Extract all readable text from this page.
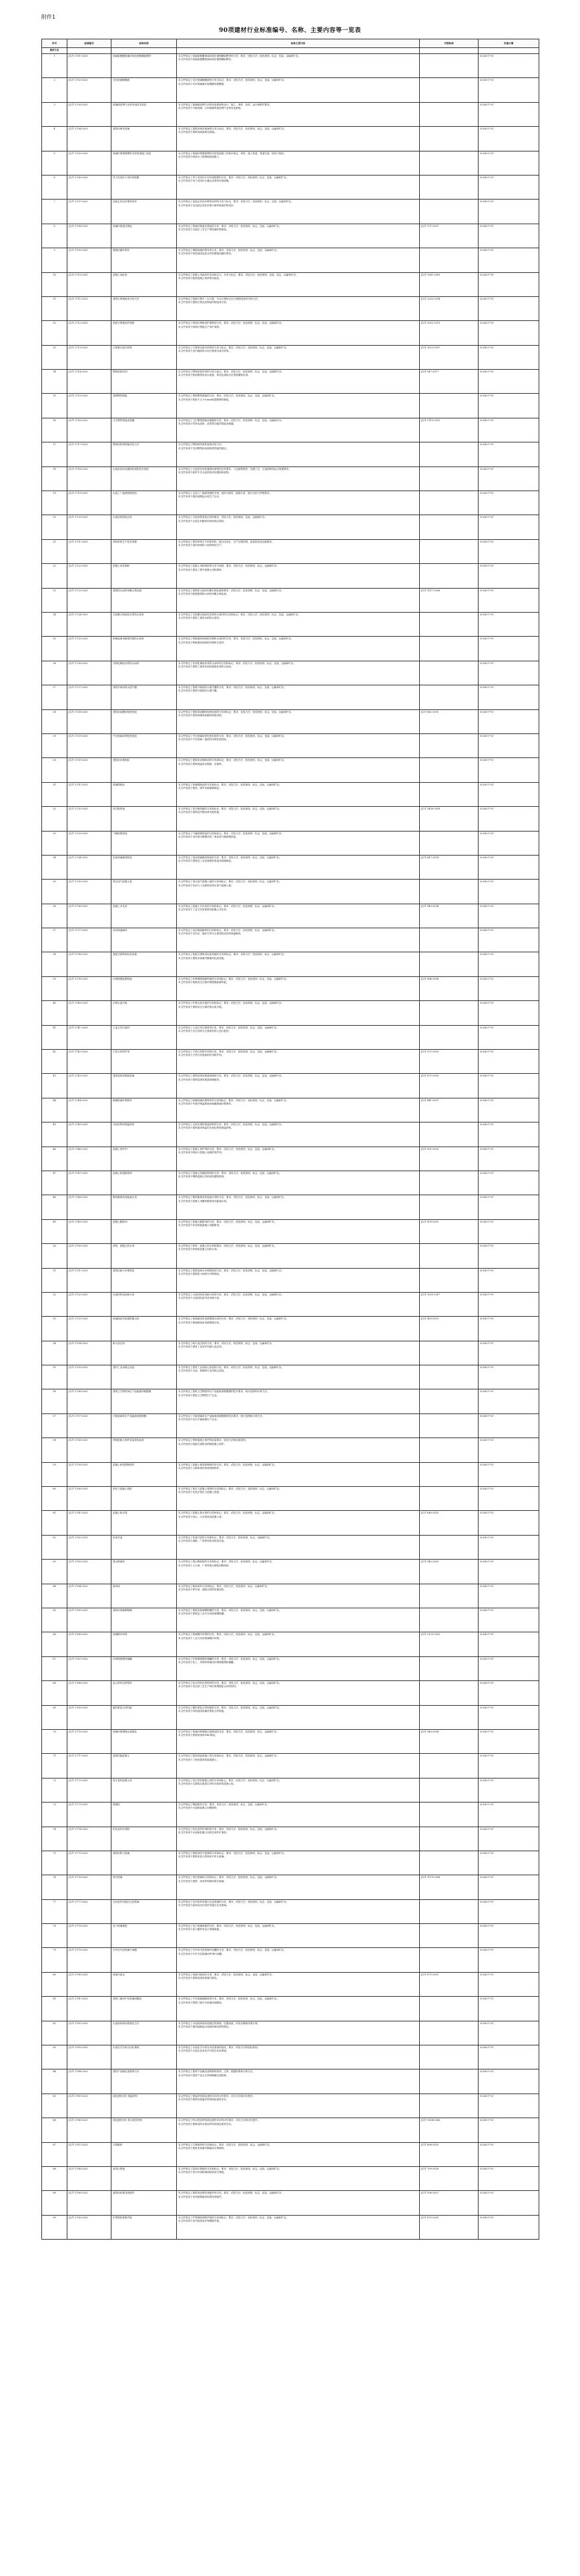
附件1
90项建材行业标准编号、名称、主要内容等一览表
序号	标准编号	标准名称	标准主要内容	代替标准	实施日期
建材行业					
1	JC/T 2701-2023	低辐射镀膜玻璃用氧化铟锡溅射靶材	本文件规定了低辐射镀膜玻璃用氧化铟锡溅射靶材的分类、要求、试验方法、检验规则、标志、包装、运输和贮存。
本文件适用于低辐射镀膜玻璃用氧化铟锡溅射靶材。		2024-07-01
2	JC/T 2702-2023	光伏玻璃镀膜液	本文件规定了光伏玻璃镀膜液的分类与标记、要求、试验方法、检验规则、标志、包装、运输和贮存。
本文件适用于光伏玻璃减反射镀膜用镀膜液。		2024-07-01
3	JC/T 2703-2023	玻璃熔窑烟气余热发电技术规范	本文件规定了玻璃熔窑烟气余热发电系统的设计、施工、调试、验收、运行和维护要求。
本文件适用于平板玻璃、日用玻璃等熔窑烟气余热发电系统。		2024-07-01
4	JC/T 2704-2023	建筑用调光玻璃	本文件规定了建筑用调光玻璃的分类与标记、要求、试验方法、检验规则、标志、包装、运输和贮存。
本文件适用于建筑用液晶调光玻璃。		2024-07-01
5	JC/T 2705-2023	玻璃纤维增强塑料夹砂管道施工规范	本文件规定了玻璃纤维增强塑料夹砂管道施工的基本规定、材料、施工准备、管道安装、检验与验收。
本文件适用于给排水工程埋地管道施工。		2024-07-01
6	JC/T 2706-2023	风力发电叶片用环氧树脂	本文件规定了风力发电叶片用环氧树脂的分类、要求、试验方法、检验规则、标志、包装、运输和贮存。
本文件适用于风力发电叶片灌注成型用环氧树脂。		2024-07-01
7	JC/T 2707-2023	连续玄武岩纤维短切纱	本文件规定了连续玄武岩纤维短切纱的分类与标记、要求、试验方法、检验规则、标志、包装、运输和贮存。
本文件适用于以连续玄武岩纤维为原料制成的短切纱。		2024-07-01
8	JC/T 2708-2023	玻璃纤维湿法薄毡	本文件规定了玻璃纤维湿法薄毡的分类、要求、试验方法、检验规则、标志、包装、运输和贮存。
本文件适用于以湿法工艺生产的玻璃纤维薄毡。	JC/T 171-2007	2024-07-01
9	JC/T 2709-2023	增强用碳纤维布	本文件规定了增强用碳纤维布的分类、要求、试验方法、检验规则、标志、包装、运输和贮存。
本文件适用于结构加固及复合材料增强用碳纤维布。		2024-07-01
10	JC/T 2710-2023	混凝土用硅灰	本文件规定了混凝土用硅灰的术语和定义、分类与标记、要求、试验方法、检验规则、包装、标志、运输和贮存。
本文件适用于配制混凝土和砂浆用硅灰。	JC/T 1381-2009	2024-07-01
11	JC/T 2711-2023	建筑石膏相组成分析方法	本文件规定了建筑石膏中二水石膏、半水石膏和无水石膏相组成的分析方法。
本文件适用于建筑石膏及其制品的相组成分析。	JC/T 2202-2014	2024-07-01
12	JC/T 2712-2023	纸面石膏板用护面纸	本文件规定了纸面石膏板用护面纸的分类、要求、试验方法、检验规则、标志、包装、运输和贮存。
本文件适用于纸面石膏板生产用护面纸。	JC/T 2002-2011	2024-07-01
13	JC/T 2713-2023	石膏基自流平砂浆	本文件规定了石膏基自流平砂浆的分类与标记、要求、试验方法、检验规则、标志、包装、运输和贮存。
本文件适用于室内地面找平用石膏基自流平砂浆。	JC/T 1023-2007	2024-07-01
14	JC/T 2714-2023	陶瓷砖粘结剂	本文件规定了陶瓷砖粘结剂的分类与标记、要求、试验方法、检验规则、标志、包装、运输和贮存。
本文件适用于粘贴陶瓷砖用水泥基、膏状乳液和反应型树脂粘结剂。	JC/T 547-2017	2024-07-01
15	JC/T 2715-2023	建筑陶瓷薄板	本文件规定了建筑陶瓷薄板的分类、要求、试验方法、检验规则、标志、包装、运输和贮存。
本文件适用于厚度不大于6 mm的建筑陶瓷薄板。		2024-07-01
16	JC/T 2716-2023	卫生陶瓷智能坐便器	本文件规定了卫生陶瓷智能坐便器的分类、要求、试验方法、检验规则、标志、包装、运输和贮存。
本文件适用于带有电加热、清洗等功能的智能坐便器。	JC/T 2115-2012	2024-07-01
17	JC/T 2717-2023	陶瓷砖防滑性能试验方法	本文件规定了陶瓷砖防滑性能的试验方法。
本文件适用于各类陶瓷砖表面防滑性能的测定。		2024-07-01
18	JC/T 2718-2023	水泥窑协同处置固体废物技术规范	本文件规定了水泥窑协同处置固体废物的总体要求、入窑废物特性、处置工艺、污染控制和运行管理要求。
本文件适用于新型干法水泥窑协同处置固体废物。		2024-07-01
19	JC/T 2719-2023	水泥工厂能源管理规范	本文件规定了水泥工厂能源管理的总则、组织与职责、能源计量、统计分析与考核要求。
本文件适用于通用硅酸盐水泥生产企业。		2024-07-01
20	JC/T 2720-2023	水泥用铁质校正料	本文件规定了水泥用铁质校正料的要求、试验方法、检验规则、包装、运输和贮存。
本文件适用于水泥生料配料用铁质校正原料。		2024-07-01
21	JC/T 2721-2023	预拌砂浆生产技术规程	本文件规定了预拌砂浆生产的原材料、配合比设计、生产过程控制、质量检验及运输要求。
本文件适用于湿拌砂浆和干混砂浆的生产。		2024-07-01
22	JC/T 2722-2023	混凝土用机制砂	本文件规定了混凝土用机制砂的分类与规格、要求、试验方法、检验规则、标志、运输和贮存。
本文件适用于建设工程中混凝土用机制砂。		2024-07-01
23	JC/T 2723-2023	建筑防水涂料用聚合物乳液	本文件规定了建筑防水涂料用聚合物乳液的要求、试验方法、检验规则、标志、包装、运输和贮存。
本文件适用于配制建筑防水涂料用聚合物乳液。	JC/T 1017-2006	2024-07-01
24	JC/T 2724-2023	自粘聚合物改性沥青防水卷材	本文件规定了自粘聚合物改性沥青防水卷材的分类和标记、要求、试验方法、检验规则、标志、包装、运输和贮存。
本文件适用于建筑工程用自粘防水卷材。		2024-07-01
25	JC/T 2725-2023	种植屋面用耐根穿刺防水卷材	本文件规定了种植屋面用耐根穿刺防水卷材的分类、要求、试验方法、检验规则、标志、包装、运输和贮存。
本文件适用于种植屋面用耐根穿刺防水卷材。		2024-07-01
26	JC/T 2726-2023	非固化橡胶沥青防水涂料	本文件规定了非固化橡胶沥青防水涂料的分类和标记、要求、试验方法、检验规则、标志、包装、运输和贮存。
本文件适用于建筑工程用非固化橡胶沥青防水涂料。		2024-07-01
27	JC/T 2727-2023	建筑外墙用防水透气膜	本文件规定了建筑外墙用防水透气膜的分类、要求、试验方法、检验规则、标志、包装、运输和贮存。
本文件适用于建筑外墙用防水透气膜。		2024-07-01
28	JC/T 2728-2023	建筑用硅酮结构密封胶	本文件规定了建筑用硅酮结构密封胶的分类和标记、要求、试验方法、检验规则、标志、包装、运输和贮存。
本文件适用于建筑幕墙用硅酮结构密封胶。	JC/T 882-2001	2024-07-01
29	JC/T 2729-2023	中空玻璃用弹性密封胶	本文件规定了中空玻璃用弹性密封胶的分类、要求、试验方法、检验规则、标志、包装、运输和贮存。
本文件适用于中空玻璃二道密封用弹性密封胶。		2024-07-01
30	JC/T 2730-2023	建筑用岩棉制品	本文件规定了建筑用岩棉制品的分类和标记、要求、试验方法、检验规则、标志、包装、运输和贮存。
本文件适用于建筑保温用岩棉板、岩棉带。		2024-07-01
31	JC/T 2731-2023	玻璃棉制品	本文件规定了玻璃棉制品的分类和标记、要求、试验方法、检验规则、标志、包装、运输和贮存。
本文件适用于绝热、吸声用玻璃棉制品。		2024-07-01
32	JC/T 2732-2023	真空绝热板	本文件规定了真空绝热板的分类和标记、要求、试验方法、检验规则、标志、包装、运输和贮存。
本文件适用于建筑及冷链用真空绝热板。	JC/T 2450-2018	2024-07-01
33	JC/T 2733-2023	气凝胶绝热毡	本文件规定了气凝胶绝热毡的分类和标记、要求、试验方法、检验规则、标志、包装、运输和贮存。
本文件适用于以纤维为增强体的二氧化硅气凝胶绝热毡。		2024-07-01
34	JC/T 2734-2023	泡沫玻璃绝热制品	本文件规定了泡沫玻璃绝热制品的分类、要求、试验方法、检验规则、标志、包装、运输和贮存。
本文件适用于建筑及工业设备绝热用泡沫玻璃制品。	JC/T 647-2014	2024-07-01
35	JC/T 2735-2023	蒸压加气混凝土板	本文件规定了蒸压加气混凝土板的分类和标记、要求、试验方法、检验规则、标志、运输和贮存。
本文件适用于民用与工业建筑用蒸压加气混凝土板。		2024-07-01
36	JC/T 2736-2023	混凝土多孔砖	本文件规定了混凝土多孔砖的分类和标记、要求、试验方法、检验规则、标志、运输和贮存。
本文件适用于工业与民用建筑用混凝土多孔砖。	JC/T 943-2004	2024-07-01
37	JC/T 2737-2023	烧结保温砌块	本文件规定了烧结保温砌块的分类和标记、要求、试验方法、检验规则、标志、运输和贮存。
本文件适用于以页岩、煤矸石等为主要原料烧结的保温砌块。		2024-07-01
38	JC/T 2738-2023	装配式建筑用轻质条板	本文件规定了装配式建筑用轻质条板的分类和标记、要求、试验方法、检验规则、标志、运输和贮存。
本文件适用于建筑非承重内隔墙用轻质条板。		2024-07-01
39	JC/T 2739-2023	纤维增强硅酸钙板	本文件规定了纤维增强硅酸钙板的分类和标记、要求、试验方法、检验规则、标志、包装、运输和贮存。
本文件适用于建筑用无石棉纤维增强硅酸钙板。	JC/T 564-2008	2024-07-01
40	JC/T 2740-2023	纤维水泥平板	本文件规定了纤维水泥平板的分类和标记、要求、试验方法、检验规则、标志、包装、运输和贮存。
本文件适用于建筑用无石棉纤维水泥平板。		2024-07-01
41	JC/T 2741-2023	人造石英石板材	本文件规定了人造石英石板材的分类、要求、试验方法、检验规则、标志、包装、运输和贮存。
本文件适用于以石英砂为主要原料的人造石板材。		2024-07-01
42	JC/T 2742-2023	天然石材防护剂	本文件规定了天然石材防护剂的分类、要求、试验方法、检验规则、标志、包装、运输和贮存。
本文件适用于天然石材表面防护用防护剂。	JC/T 973-2005	2024-07-01
43	JC/T 2743-2023	建筑装饰用微晶玻璃	本文件规定了建筑装饰用微晶玻璃的分类、要求、试验方法、检验规则、标志、包装、运输和贮存。
本文件适用于建筑装饰用微晶玻璃板材。	JC/T 872-2000	2024-07-01
44	JC/T 2744-2023	耐碱玻璃纤维网布	本文件规定了耐碱玻璃纤维网布的分类和标记、要求、试验方法、检验规则、标志、包装、运输和贮存。
本文件适用于外墙外保温系统用耐碱玻璃纤维网布。	JC/T 841-2007	2024-07-01
45	JC/T 2745-2023	无机轻集料保温砂浆	本文件规定了无机轻集料保温砂浆的分类、要求、试验方法、检验规则、标志、包装、运输和贮存。
本文件适用于建筑墙体保温用无机轻集料保温砂浆。		2024-07-01
46	JC/T 2746-2023	混凝土养护剂	本文件规定了混凝土养护剂的分类、要求、试验方法、检验规则、标志、包装、运输和贮存。
本文件适用于喷涂于混凝土表面的养护剂。	JC/T 901-2002	2024-07-01
47	JC/T 2747-2023	混凝土防腐阻锈剂	本文件规定了混凝土防腐阻锈剂的分类、要求、试验方法、检验规则、标志、包装、运输和贮存。
本文件适用于钢筋混凝土结构用防腐阻锈剂。		2024-07-01
48	JC/T 2748-2023	聚羧酸系高性能减水剂	本文件规定了聚羧酸系高性能减水剂的分类、要求、试验方法、检验规则、标志、包装、运输和贮存。
本文件适用于混凝土用聚羧酸系高性能减水剂。		2024-07-01
49	JC/T 2749-2023	混凝土膨胀剂	本文件规定了混凝土膨胀剂的分类、要求、试验方法、检验规则、标志、包装、运输和贮存。
本文件适用于补偿收缩混凝土用膨胀剂。	JC/T 476-2001	2024-07-01
50	JC/T 2750-2023	砂浆、混凝土防水剂	本文件规定了砂浆、混凝土防水剂的要求、试验方法、检验规则、标志、包装、运输和贮存。
本文件适用于砂浆和混凝土用防水剂。		2024-07-01
51	JC/T 2751-2023	建筑用耐火纤维制品	本文件规定了建筑用耐火纤维制品的分类、要求、试验方法、检验规则、标志、包装、运输和贮存。
本文件适用于建筑防火用耐火纤维制品。		2024-07-01
52	JC/T 2752-2023	水泥回转窑用耐火砖	本文件规定了水泥回转窑用耐火砖的分类、要求、试验方法、检验规则、标志、包装、运输和贮存。
本文件适用于水泥回转窑内衬用耐火砖。	JC/T 1055-2007	2024-07-01
53	JC/T 2753-2023	玻璃熔窑用电熔锆刚玉砖	本文件规定了玻璃熔窑用电熔锆刚玉砖的分类、要求、试验方法、检验规则、标志、包装、运输和贮存。
本文件适用于玻璃熔窑用电熔锆刚玉砖。	JC/T 493-2015	2024-07-01
54	JC/T 2754-2023	耐火浇注料	本文件规定了耐火浇注料的分类、要求、试验方法、检验规则、标志、包装、运输和贮存。
本文件适用于建材工业窑炉用耐火浇注料。		2024-07-01
55	JC/T 2755-2023	建材工业用除尘滤袋	本文件规定了建材工业用除尘滤袋的分类、要求、试验方法、检验规则、标志、包装、运输和贮存。
本文件适用于水泥、玻璃等行业用除尘滤袋。		2024-07-01
56	JC/T 2756-2023	建筑卫生陶瓷单位产品能源消耗限额	本文件规定了建筑卫生陶瓷单位产品能源消耗限额的技术要求、统计范围和计算方法。
本文件适用于建筑卫生陶瓷生产企业。		2024-07-01
57	JC/T 2757-2023	平板玻璃单位产品能源消耗限额	本文件规定了平板玻璃单位产品能源消耗限额的技术要求、统计范围和计算方法。
本文件适用于浮法平板玻璃生产企业。		2024-07-01
58	JC/T 2758-2023	预制混凝土构件质量检验标准	本文件规定了预制混凝土构件的质量要求、检验方法和验收规则。
本文件适用于装配式建筑用预制混凝土构件。		2024-07-01
59	JC/T 2759-2023	混凝土桥梁预制构件	本文件规定了混凝土桥梁预制构件的分类、要求、试验方法、检验规则、标志、运输和贮存。
本文件适用于公路和城市桥梁预制构件。		2024-07-01
60	JC/T 2760-2023	预应力混凝土管桩	本文件规定了预应力混凝土管桩的分类和标记、要求、试验方法、检验规则、标志、运输和贮存。
本文件适用于先张法预应力混凝土管桩。		2024-07-01
61	JC/T 2761-2023	混凝土排水管	本文件规定了混凝土排水管的分类和标记、要求、试验方法、检验规则、标志、运输和贮存。
本文件适用于雨水、污水排放用混凝土管。	JC/T 640-2010	2024-07-01
62	JC/T 2762-2023	检查井盖	本文件规定了检查井盖的分类和标记、要求、试验方法、检验规则、标志、运输和贮存。
本文件适用于道路、广场等场所用检查井盖。		2024-07-01
63	JC/T 2763-2023	透水路面砖	本文件规定了透水路面砖的分类和标记、要求、试验方法、检验规则、标志、运输和贮存。
本文件适用于人行道、广场等透水铺装用路面砖。	JC/T 945-2005	2024-07-01
64	JC/T 2764-2023	植草砖	本文件规定了植草砖的分类和标记、要求、试验方法、检验规则、标志、运输和贮存。
本文件适用于停车场、道路边坡等用植草砖。		2024-07-01
65	JC/T 2765-2023	建筑用玻璃钢格栅	本文件规定了建筑用玻璃钢格栅的分类、要求、试验方法、检验规则、标志、包装、运输和贮存。
本文件适用于建筑及工业平台用玻璃钢格栅。		2024-07-01
66	JC/T 2766-2023	玻璃钢冷却塔	本文件规定了玻璃钢冷却塔的分类、要求、试验方法、检验规则、标志、包装、运输和贮存。
本文件适用于工业与民用玻璃钢冷却塔。	JC/T 2123-2012	2024-07-01
67	JC/T 2767-2023	纤维增强塑料储罐	本文件规定了纤维增强塑料储罐的分类、要求、试验方法、检验规则、标志、包装、运输和贮存。
本文件适用于化工、环保等领域用纤维增强塑料储罐。		2024-07-01
68	JC/T 2768-2023	复合材料拉挤型材	本文件规定了复合材料拉挤型材的分类、要求、试验方法、检验规则、标志、包装、运输和贮存。
本文件适用于以拉挤工艺生产的纤维增强复合材料型材。		2024-07-01
69	JC/T 2769-2023	碳纤维复合材料板	本文件规定了碳纤维复合材料板的分类、要求、试验方法、检验规则、标志、包装、运输和贮存。
本文件适用于结构加固用碳纤维复合材料板。		2024-07-01
70	JC/T 2770-2023	玻璃纤维增强水泥制品	本文件规定了玻璃纤维增强水泥制品的分类、要求、试验方法、检验规则、标志、运输和贮存。
本文件适用于建筑装饰用GRC制品。	JC/T 940-2004	2024-07-01
71	JC/T 2771-2023	超高性能混凝土	本文件规定了超高性能混凝土的分类和标记、要求、试验方法、检验规则、标志、运输和贮存。
本文件适用于工程用超高性能混凝土。		2024-07-01
72	JC/T 2772-2023	再生骨料混凝土砖	本文件规定了再生骨料混凝土砖的分类和标记、要求、试验方法、检验规则、标志、运输和贮存。
本文件适用于以建筑垃圾再生骨料为原料的混凝土砖。		2024-07-01
73	JC/T 2773-2023	钢渣粉	本文件规定了钢渣粉的分类、要求、试验方法、检验规则、标志、包装、运输和贮存。
本文件适用于水泥和混凝土用钢渣粉。		2024-07-01
74	JC/T 2774-2023	粒化高炉矿渣粉	本文件规定了粒化高炉矿渣粉的分类、要求、试验方法、检验规则、标志、包装、运输和贮存。
本文件适用于水泥和混凝土用粒化高炉矿渣粉。		2024-07-01
75	JC/T 2775-2023	建筑用防火玻璃	本文件规定了建筑用防火玻璃的分类和标记、要求、试验方法、检验规则、标志、包装、运输和贮存。
本文件适用于建筑用复合型和单片防火玻璃。		2024-07-01
76	JC/T 2776-2023	真空玻璃	本文件规定了真空玻璃的分类和标记、要求、试验方法、检验规则、标志、包装、运输和贮存。
本文件适用于建筑、家电等领域用真空玻璃。	JC/T 1079-2008	2024-07-01
77	JC/T 2777-2023	光伏组件用超白压花玻璃	本文件规定了光伏组件用超白压花玻璃的分类、要求、试验方法、检验规则、标志、包装、运输和贮存。
本文件适用于晶体硅光伏组件用超白压花玻璃。		2024-07-01
78	JC/T 2778-2023	电子玻璃基板	本文件规定了电子玻璃基板的分类、要求、试验方法、检验规则、标志、包装、运输和贮存。
本文件适用于显示器件用电子玻璃基板。		2024-07-01
79	JC/T 2779-2023	汽车用夹层玻璃中间膜	本文件规定了汽车用夹层玻璃中间膜的分类、要求、试验方法、检验规则、标志、包装、运输和贮存。
本文件适用于汽车夹层玻璃用PVB中间膜。		2024-07-01
80	JC/T 2780-2023	玻璃马赛克	本文件规定了玻璃马赛克的分类、要求、试验方法、检验规则、标志、包装、运输和贮存。
本文件适用于建筑装饰用玻璃马赛克。	JC/T 875-2001	2024-07-01
81	JC/T 2781-2023	建筑门窗用中空玻璃间隔条	本文件规定了中空玻璃间隔条的分类、要求、试验方法、检验规则、标志、包装、运输和贮存。
本文件适用于建筑门窗中空玻璃用间隔条。		2024-07-01
82	JC/T 2782-2023	水泥胶砂流动度测定方法	本文件规定了水泥胶砂流动度测定的原理、仪器设备、试验步骤和结果计算。
本文件适用于通用硅酸盐水泥胶砂流动度的测定。		2024-07-01
83	JC/T 2783-2023	水泥化学分析自动化系统	本文件规定了水泥化学分析自动化系统的组成、要求、试验方法和检验规则。
本文件适用于水泥企业用化学分析自动化系统。		2024-07-01
84	JC/T 2784-2023	建材产品碳足迹核算方法	本文件规定了建材产品碳足迹核算的原则、边界、数据收集和计算方法。
本文件适用于建材产品全生命周期碳足迹核算。		2024-07-01
85	JC/T 2785-2023	绿色建材评价 保温材料	本文件规定了保温材料绿色建材评价的评价要求、评价方法和评价程序。
本文件适用于建筑用保温材料的绿色建材评价。		2024-07-01
86	JC/T 2786-2023	绿色建材评价 防水密封材料	本文件规定了防水密封材料绿色建材评价的评价要求、评价方法和评价程序。
本文件适用于建筑用防水密封材料的绿色建材评价。	JC/T 1004-2006	2024-07-01
87	JC/T 2787-2023	石膏砌块	本文件规定了石膏砌块的分类和标记、要求、试验方法、检验规则、标志、运输和贮存。
本文件适用于建筑非承重内隔墙用石膏砌块。	JC/T 698-2010	2024-07-01
88	JC/T 2788-2023	装饰石膏板	本文件规定了装饰石膏板的分类和标记、要求、试验方法、检验规则、标志、包装、运输和贮存。
本文件适用于室内吊顶和墙面装饰用石膏板。	JC/T 799-2016	2024-07-01
89	JC/T 2789-2023	建筑用轻钢龙骨配件	本文件规定了建筑用轻钢龙骨配件的分类、要求、试验方法、检验规则、标志、包装、运输和贮存。
本文件适用于吊顶和隔墙用轻钢龙骨配件。	JC/T 558-2007	2024-07-01
90	JC/T 2790-2023	矿物棉装饰吸声板	本文件规定了矿物棉装饰吸声板的分类和标记、要求、试验方法、检验规则、标志、包装、运输和贮存。
本文件适用于室内装饰用矿物棉吸声板。	JC/T 670-2005	2024-07-01
